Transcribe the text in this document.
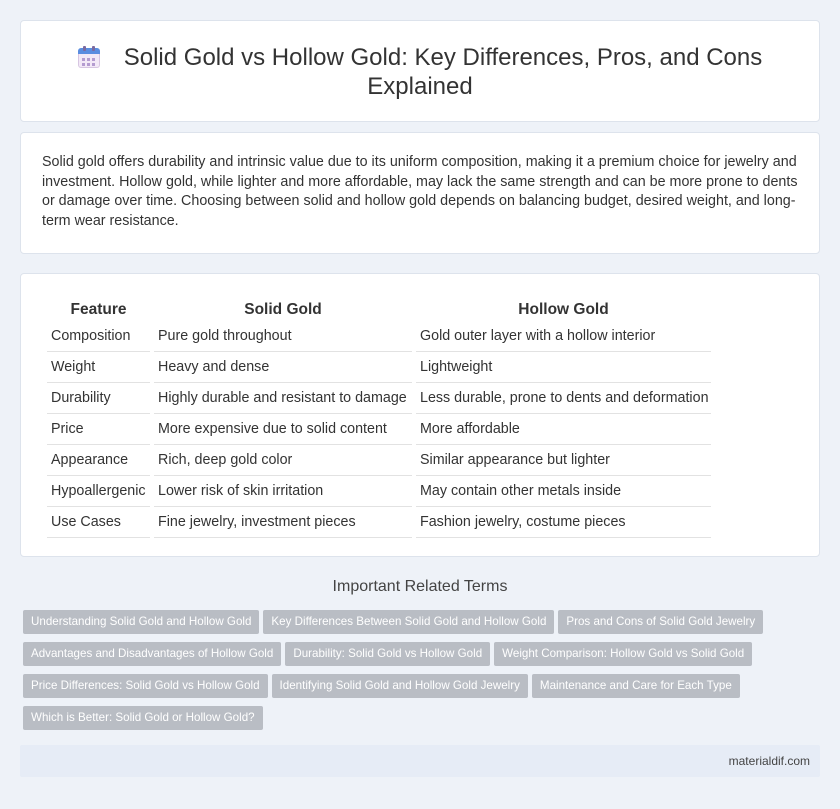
Solid Gold vs Hollow Gold: Key Differences, Pros, and Cons
Explained

Solid gold offers durability and intrinsic value due to its uniform composition, making it a premium choice for jewelry and investment. Hollow gold, while lighter and more affordable, may lack the same strength and can be more prone to dents or damage over time. Choosing between solid and hollow gold depends on balancing budget, desired weight, and long-term wear resistance.

Feature	Solid Gold	Hollow Gold
Composition	Pure gold throughout	Gold outer layer with a hollow interior
Weight	Heavy and dense	Lightweight
Durability	Highly durable and resistant to damage	Less durable, prone to dents and deformation
Price	More expensive due to solid content	More affordable
Appearance	Rich, deep gold color	Similar appearance but lighter
Hypoallergenic	Lower risk of skin irritation	May contain other metals inside
Use Cases	Fine jewelry, investment pieces	Fashion jewelry, costume pieces
Important Related Terms
Understanding Solid Gold and Hollow Gold Key Differences Between Solid Gold and Hollow Gold Pros and Cons of Solid Gold Jewelry
Advantages and Disadvantages of Hollow Gold Durability: Solid Gold vs Hollow Gold Weight Comparison: Hollow Gold vs Solid Gold
Price Differences: Solid Gold vs Hollow Gold Identifying Solid Gold and Hollow Gold Jewelry Maintenance and Care for Each Type
Which is Better: Solid Gold or Hollow Gold?
materialdif.com
